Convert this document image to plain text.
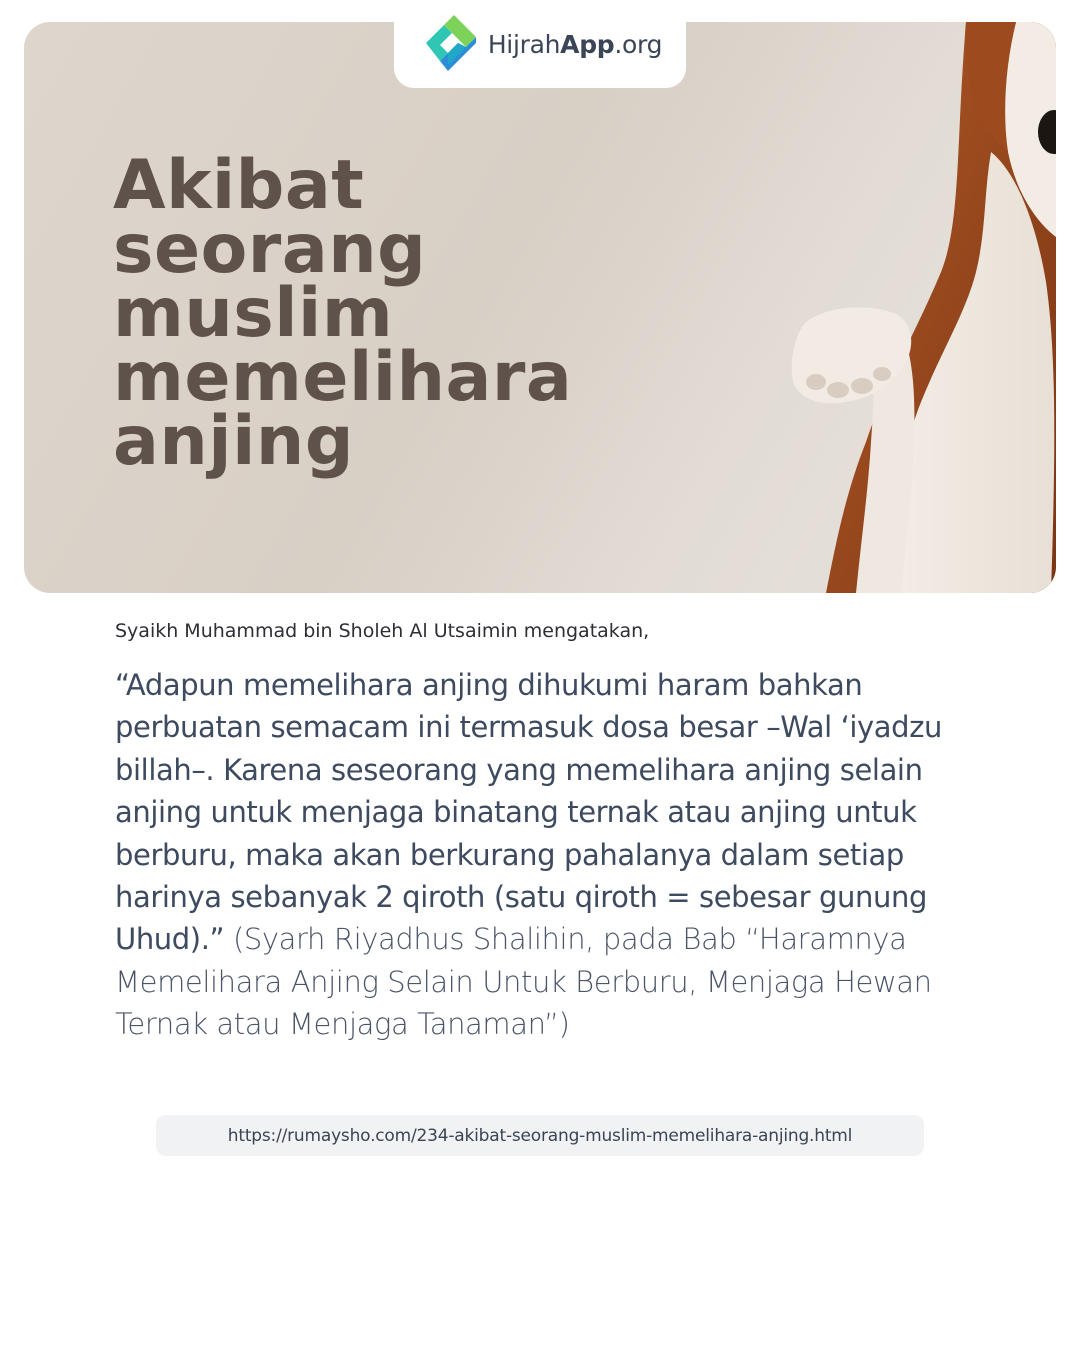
Akibat seorang muslim memelihara anjing
HijrahApp.org

Syaikh Muhammad bin Sholeh Al Utsaimin mengatakan,

“Adapun memelihara anjing dihukumi haram bahkan perbuatan semacam ini termasuk dosa besar –Wal ‘iyadzu billah–. Karena seseorang yang memelihara anjing selain anjing untuk menjaga binatang ternak atau anjing untuk berburu, maka akan berkurang pahalanya dalam setiap harinya sebanyak 2 qiroth (satu qiroth = sebesar gunung Uhud).” (Syarh Riyadhus Shalihin, pada Bab “Haramnya Memelihara Anjing Selain Untuk Berburu, Menjaga Hewan Ternak atau Menjaga Tanaman”)

https://rumaysho.com/234-akibat-seorang-muslim-memelihara-anjing.html
